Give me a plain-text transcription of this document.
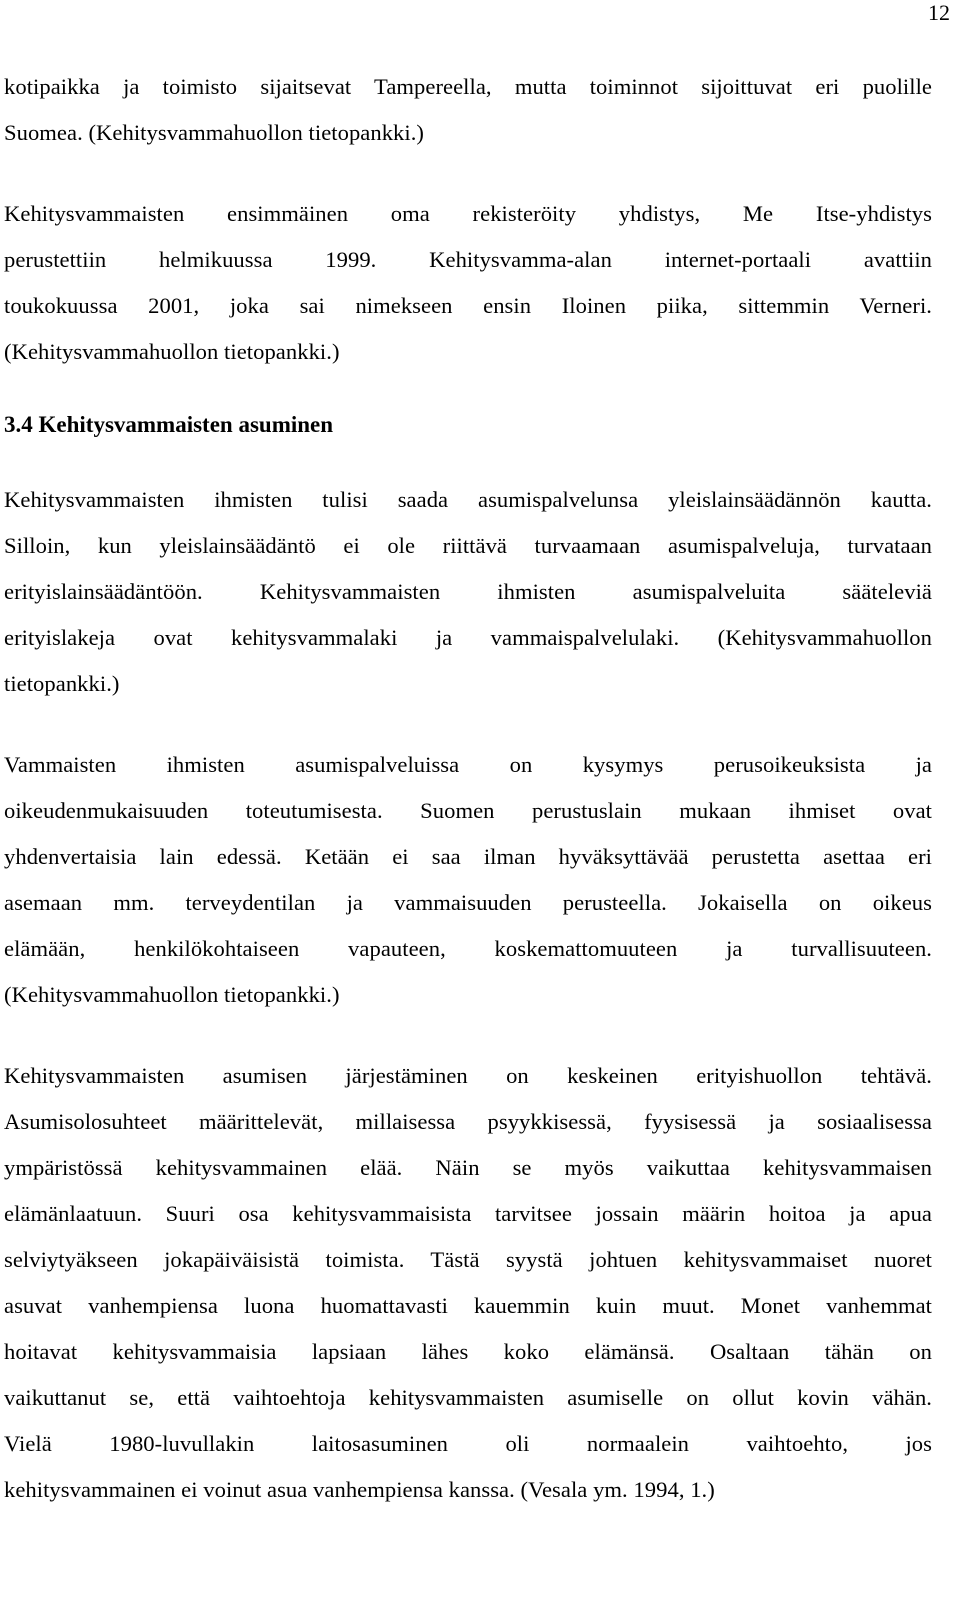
12

kotipaikka ja toimisto sijaitsevat Tampereella, mutta toiminnot sijoittuvat eri puolille
Suomea. (Kehitysvammahuollon tietopankki.)

Kehitysvammaisten ensimmäinen oma rekisteröity yhdistys, Me Itse-yhdistys
perustettiin helmikuussa 1999. Kehitysvamma-alan internet-portaali avattiin
toukokuussa 2001, joka sai nimekseen ensin Iloinen piika, sittemmin Verneri.
(Kehitysvammahuollon tietopankki.)

3.4 Kehitysvammaisten asuminen

Kehitysvammaisten ihmisten tulisi saada asumispalvelunsa yleislainsäädännön kautta.
Silloin, kun yleislainsäädäntö ei ole riittävä turvaamaan asumispalveluja, turvataan
erityislainsäädäntöön. Kehitysvammaisten ihmisten asumispalveluita sääteleviä
erityislakeja ovat kehitysvammalaki ja vammaispalvelulaki. (Kehitysvammahuollon
tietopankki.)

Vammaisten ihmisten asumispalveluissa on kysymys perusoikeuksista ja
oikeudenmukaisuuden toteutumisesta. Suomen perustuslain mukaan ihmiset ovat
yhdenvertaisia lain edessä. Ketään ei saa ilman hyväksyttävää perustetta asettaa eri
asemaan mm. terveydentilan ja vammaisuuden perusteella. Jokaisella on oikeus
elämään, henkilökohtaiseen vapauteen, koskemattomuuteen ja turvallisuuteen.
(Kehitysvammahuollon tietopankki.)

Kehitysvammaisten asumisen järjestäminen on keskeinen erityishuollon tehtävä.
Asumisolosuhteet määrittelevät, millaisessa psyykkisessä, fyysisessä ja sosiaalisessa
ympäristössä kehitysvammainen elää. Näin se myös vaikuttaa kehitysvammaisen
elämänlaatuun. Suuri osa kehitysvammaisista tarvitsee jossain määrin hoitoa ja apua
selviytyäkseen jokapäiväisistä toimista. Tästä syystä johtuen kehitysvammaiset nuoret
asuvat vanhempiensa luona huomattavasti kauemmin kuin muut. Monet vanhemmat
hoitavat kehitysvammaisia lapsiaan lähes koko elämänsä. Osaltaan tähän on
vaikuttanut se, että vaihtoehtoja kehitysvammaisten asumiselle on ollut kovin vähän.
Vielä 1980-luvullakin laitosasuminen oli normaalein vaihtoehto, jos
kehitysvammainen ei voinut asua vanhempiensa kanssa. (Vesala ym. 1994, 1.)
